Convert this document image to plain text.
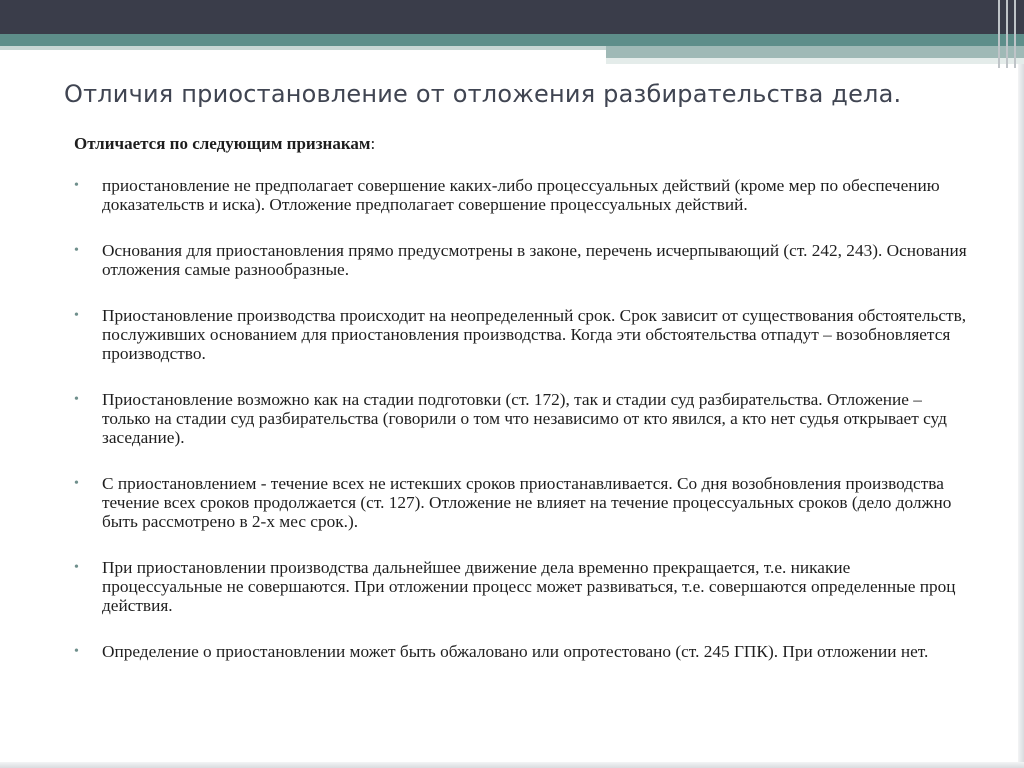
Отличия приостановление от отложения разбирательства дела.
Отличается по следующим признакам:
• приостановление не предполагает совершение каких-либо процессуальных действий (кроме мер по обеспечению доказательств и иска). Отложение предполагает совершение процессуальных действий.
• Основания для приостановления прямо предусмотрены в законе, перечень исчерпывающий (ст. 242, 243). Основания отложения самые разнообразные.
• Приостановление производства происходит на неопределенный срок. Срок зависит от существования обстоятельств, послуживших основанием для приостановления производства. Когда эти обстоятельства отпадут – возобновляется производство.
• Приостановление возможно как на стадии подготовки (ст. 172), так и стадии суд разбирательства. Отложение – только на стадии суд разбирательства (говорили о том что независимо от кто явился, а кто нет судья открывает суд заседание).
• С приостановлением - течение всех не истекших сроков приостанавливается. Со дня возобновления производства течение всех сроков продолжается (ст. 127). Отложение не влияет на течение процессуальных сроков (дело должно быть рассмотрено в 2-х мес срок.).
• При приостановлении производства дальнейшее движение дела временно прекращается, т.е. никакие процессуальные не совершаются. При отложении процесс может развиваться, т.е. совершаются определенные проц действия.
• Определение о приостановлении может быть обжаловано или опротестовано (ст. 245 ГПК). При отложении нет.
